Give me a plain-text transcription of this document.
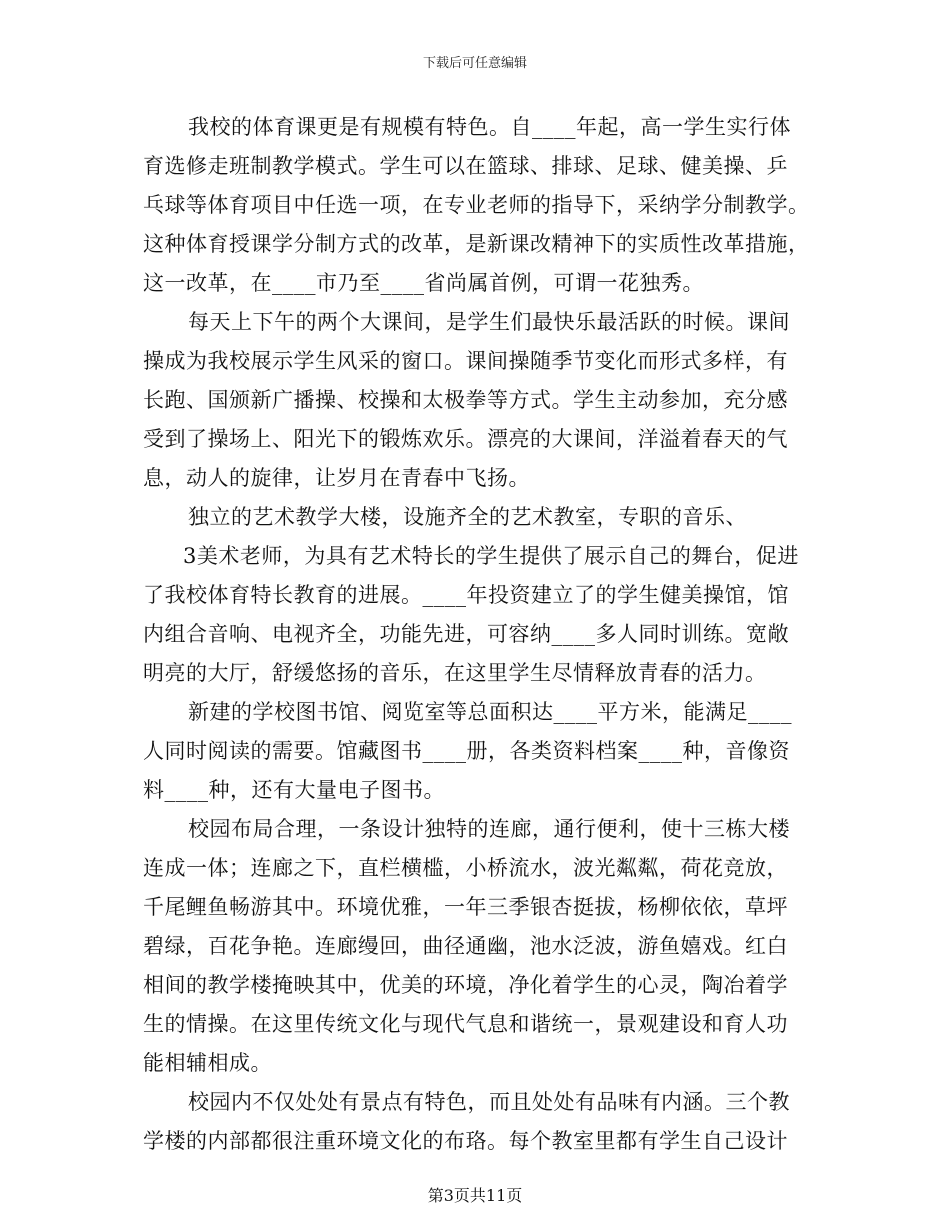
下载后可任意编辑
我校的体育课更是有规模有特色。自____年起，高一学生实行体
育选修走班制教学模式。学生可以在篮球、排球、足球、健美操、乒
乓球等体育项目中任选一项，在专业老师的指导下，采纳学分制教学。
这种体育授课学分制方式的改革，是新课改精神下的实质性改革措施，
这一改革，在____市乃至____省尚属首例，可谓一花独秀。
每天上下午的两个大课间，是学生们最快乐最活跃的时候。课间
操成为我校展示学生风采的窗口。课间操随季节变化而形式多样，有
长跑、国颁新广播操、校操和太极拳等方式。学生主动参加，充分感
受到了操场上、阳光下的锻炼欢乐。漂亮的大课间，洋溢着春天的气
息，动人的旋律，让岁月在青春中飞扬。
独立的艺术教学大楼，设施齐全的艺术教室，专职的音乐、
3美术老师，为具有艺术特长的学生提供了展示自己的舞台，促进
了我校体育特长教育的进展。____年投资建立了的学生健美操馆，馆
内组合音响、电视齐全，功能先进，可容纳____多人同时训练。宽敞
明亮的大厅，舒缓悠扬的音乐，在这里学生尽情释放青春的活力。
新建的学校图书馆、阅览室等总面积达____平方米，能满足____
人同时阅读的需要。馆藏图书____册，各类资料档案____种，音像资
料____种，还有大量电子图书。
校园布局合理，一条设计独特的连廊，通行便利，使十三栋大楼
连成一体；连廊之下，直栏横槛，小桥流水，波光粼粼，荷花竞放，
千尾鲤鱼畅游其中。环境优雅，一年三季银杏挺拔，杨柳依依，草坪
碧绿，百花争艳。连廊缦回，曲径通幽，池水泛波，游鱼嬉戏。红白
相间的教学楼掩映其中，优美的环境，净化着学生的心灵，陶冶着学
生的情操。在这里传统文化与现代气息和谐统一，景观建设和育人功
能相辅相成。
校园内不仅处处有景点有特色，而且处处有品味有内涵。三个教
学楼的内部都很注重环境文化的布珞。每个教室里都有学生自己设计
第3页共11页
